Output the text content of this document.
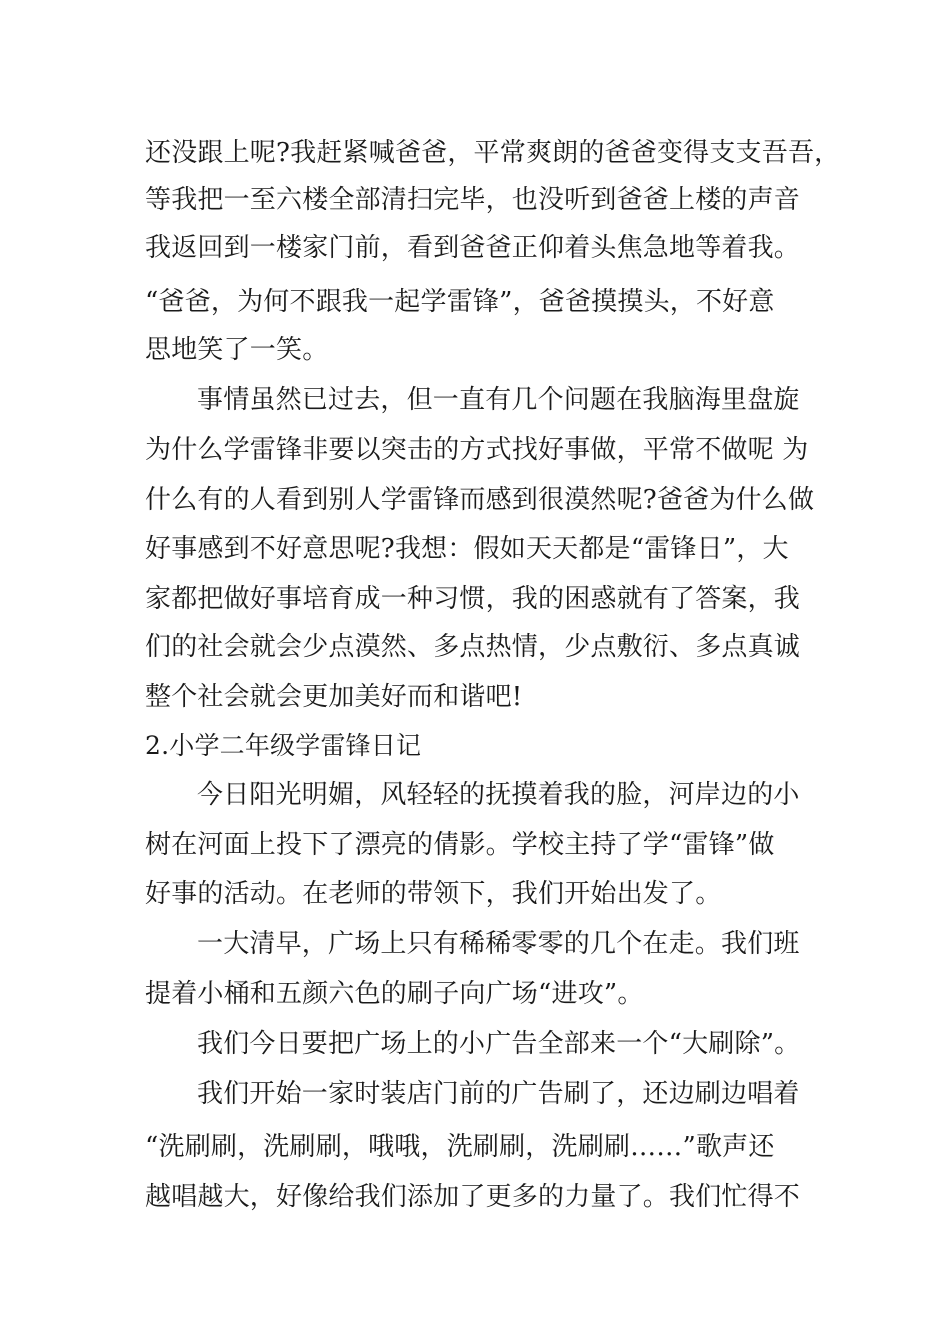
还没跟上呢?我赶紧喊爸爸，平常爽朗的爸爸变得支支吾吾，
等我把一至六楼全部清扫完毕，也没听到爸爸上楼的声音
我返回到一楼家门前，看到爸爸正仰着头焦急地等着我。
“爸爸，为何不跟我一起学雷锋”，爸爸摸摸头，不好意
思地笑了一笑。
事情虽然已过去，但一直有几个问题在我脑海里盘旋
为什么学雷锋非要以突击的方式找好事做，平常不做呢 为
什么有的人看到别人学雷锋而感到很漠然呢?爸爸为什么做
好事感到不好意思呢?我想：假如天天都是“雷锋日”，大
家都把做好事培育成一种习惯，我的困惑就有了答案，我
们的社会就会少点漠然、多点热情，少点敷衍、多点真诚
整个社会就会更加美好而和谐吧!
2.小学二年级学雷锋日记
今日阳光明媚，风轻轻的抚摸着我的脸，河岸边的小
树在河面上投下了漂亮的倩影。学校主持了学“雷锋”做
好事的活动。在老师的带领下，我们开始出发了。
一大清早，广场上只有稀稀零零的几个在走。我们班
提着小桶和五颜六色的刷子向广场“进攻”。
我们今日要把广场上的小广告全部来一个“大刷除”。
我们开始一家时装店门前的广告刷了，还边刷边唱着
“洗刷刷，洗刷刷，哦哦，洗刷刷，洗刷刷……”歌声还
越唱越大，好像给我们添加了更多的力量了。我们忙得不
